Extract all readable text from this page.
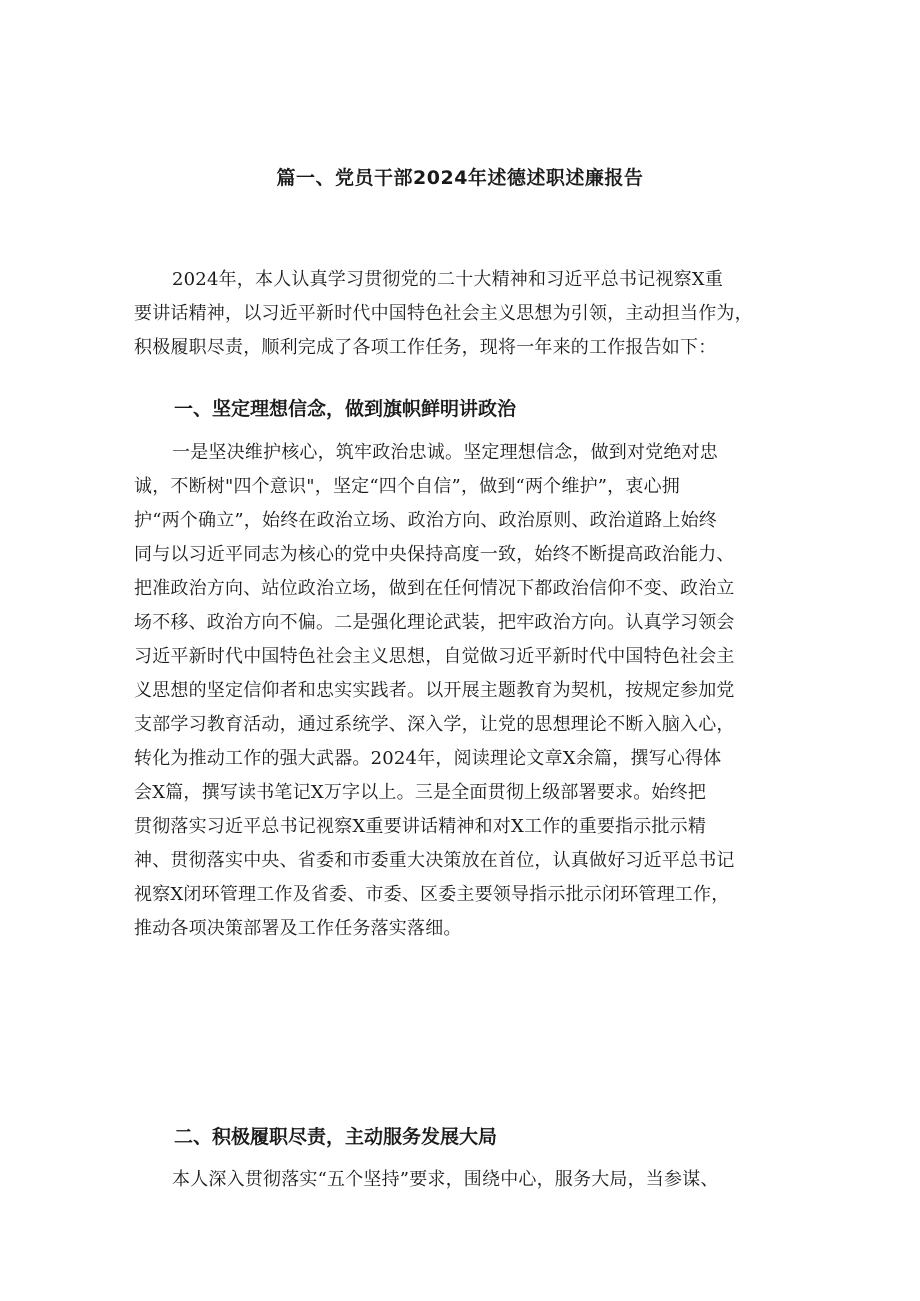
篇一、党员干部2024年述德述职述廉报告
2024年，本人认真学习贯彻党的二十大精神和习近平总书记视察X重
要讲话精神，以习近平新时代中国特色社会主义思想为引领，主动担当作为，
积极履职尽责，顺利完成了各项工作任务，现将一年来的工作报告如下：
一、坚定理想信念，做到旗帜鲜明讲政治
一是坚决维护核心，筑牢政治忠诚。坚定理想信念，做到对党绝对忠
诚，不断树"四个意识"，坚定“四个自信”，做到“两个维护”，衷心拥
护“两个确立”，始终在政治立场、政治方向、政治原则、政治道路上始终
同与以习近平同志为核心的党中央保持高度一致，始终不断提高政治能力、
把准政治方向、站位政治立场，做到在任何情况下都政治信仰不变、政治立
场不移、政治方向不偏。二是强化理论武装，把牢政治方向。认真学习领会
习近平新时代中国特色社会主义思想，自觉做习近平新时代中国特色社会主
义思想的坚定信仰者和忠实实践者。以开展主题教育为契机，按规定参加党
支部学习教育活动，通过系统学、深入学，让党的思想理论不断入脑入心，
转化为推动工作的强大武器。2024年，阅读理论文章X余篇，撰写心得体
会X篇，撰写读书笔记X万字以上。三是全面贯彻上级部署要求。始终把
贯彻落实习近平总书记视察X重要讲话精神和对X工作的重要指示批示精
神、贯彻落实中央、省委和市委重大决策放在首位，认真做好习近平总书记
视察X闭环管理工作及省委、市委、区委主要领导指示批示闭环管理工作，
推动各项决策部署及工作任务落实落细。
二、积极履职尽责，主动服务发展大局
本人深入贯彻落实“五个坚持”要求，围绕中心，服务大局，当参谋、
